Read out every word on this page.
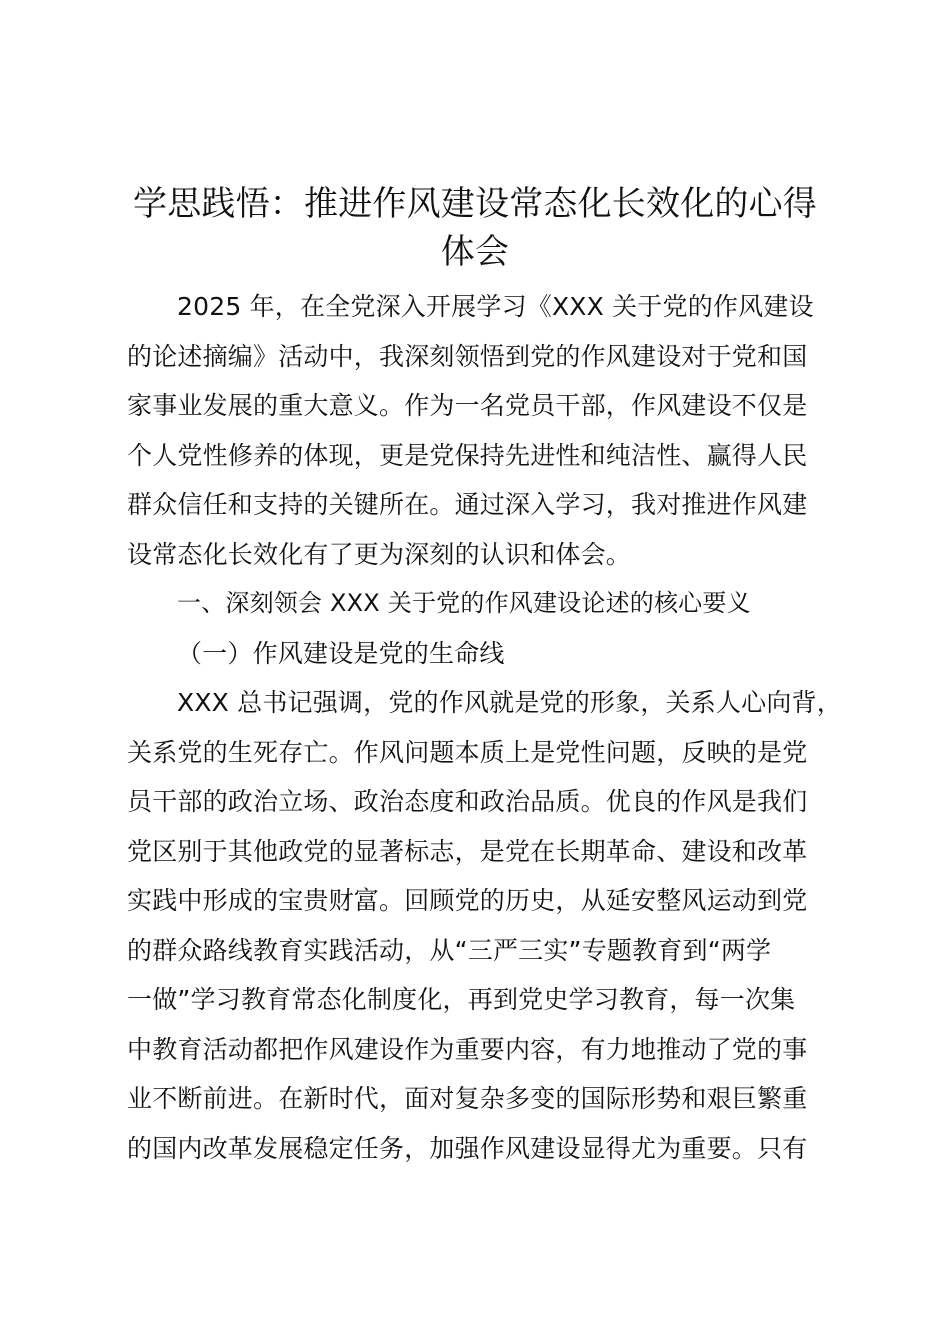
学思践悟：推进作风建设常态化长效化的心得
体会
2025 年，在全党深入开展学习《XXX 关于党的作风建设
的论述摘编》活动中，我深刻领悟到党的作风建设对于党和国
家事业发展的重大意义。作为一名党员干部，作风建设不仅是
个人党性修养的体现，更是党保持先进性和纯洁性、赢得人民
群众信任和支持的关键所在。通过深入学习，我对推进作风建
设常态化长效化有了更为深刻的认识和体会。
一、深刻领会 XXX 关于党的作风建设论述的核心要义
（一）作风建设是党的生命线
XXX 总书记强调，党的作风就是党的形象，关系人心向背，
关系党的生死存亡。作风问题本质上是党性问题，反映的是党
员干部的政治立场、政治态度和政治品质。优良的作风是我们
党区别于其他政党的显著标志，是党在长期革命、建设和改革
实践中形成的宝贵财富。回顾党的历史，从延安整风运动到党
的群众路线教育实践活动，从“三严三实”专题教育到“两学
一做”学习教育常态化制度化，再到党史学习教育，每一次集
中教育活动都把作风建设作为重要内容，有力地推动了党的事
业不断前进。在新时代，面对复杂多变的国际形势和艰巨繁重
的国内改革发展稳定任务，加强作风建设显得尤为重要。只有
